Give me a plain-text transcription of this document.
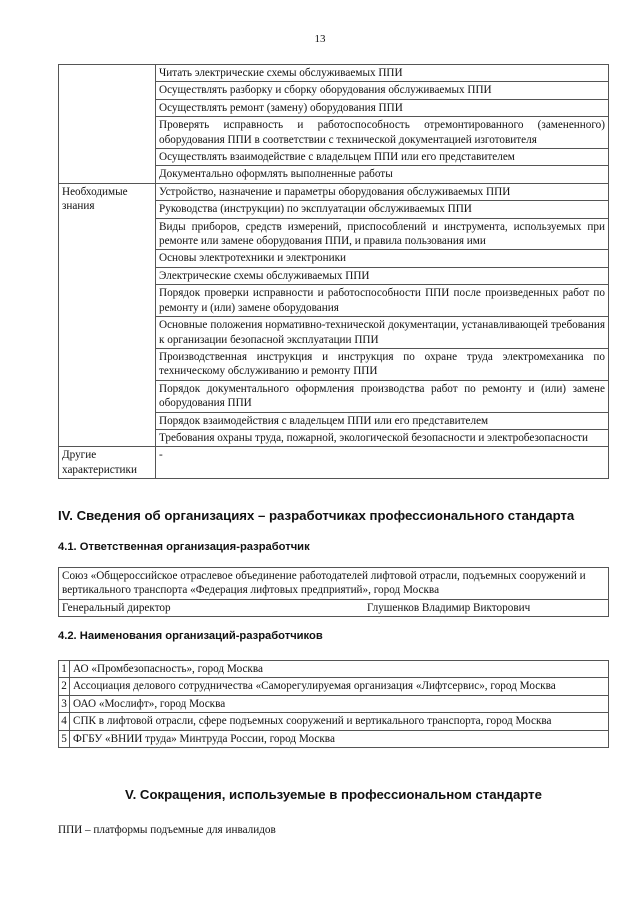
13
	Читать электрические схемы обслуживаемых ППИ
	Осуществлять разборку и сборку оборудования обслуживаемых ППИ
	Осуществлять ремонт (замену) оборудования ППИ
	Проверять исправность и работоспособность отремонтированного (замененного) оборудования ППИ в соответствии с технической документацией изготовителя
	Осуществлять взаимодействие с владельцем ППИ или его представителем
	Документально оформлять выполненные работы
Необходимые знания	Устройство, назначение и параметры оборудования обслуживаемых ППИ
	Руководства (инструкции) по эксплуатации обслуживаемых ППИ
	Виды приборов, средств измерений, приспособлений и инструмента, используемых при ремонте или замене оборудования ППИ, и правила пользования ими
	Основы электротехники и электроники
	Электрические схемы обслуживаемых ППИ
	Порядок проверки исправности и работоспособности ППИ после произведенных работ по ремонту и (или) замене оборудования
	Основные положения нормативно-технической документации, устанавливающей требования к организации безопасной эксплуатации ППИ
	Производственная инструкция и инструкция по охране труда электромеханика по техническому обслуживанию и ремонту ППИ
	Порядок документального оформления производства работ по ремонту и (или) замене оборудования ППИ
	Порядок взаимодействия с владельцем ППИ или его представителем
	Требования охраны труда, пожарной, экологической безопасности и электробезопасности
Другие характеристики	-
IV. Сведения об организациях – разработчиках профессионального стандарта
4.1. Ответственная организация-разработчик
Союз «Общероссийское отраслевое объединение работодателей лифтовой отрасли, подъемных сооружений и вертикального транспорта «Федерация лифтовых предприятий», город Москва

Генеральный директор	Глушенков Владимир Викторович
4.2. Наименования организаций-разработчиков
1	АО «Промбезопасность», город Москва
2	Ассоциация делового сотрудничества «Саморегулируемая организация «Лифтсервис», город Москва
3	ОАО «Мослифт», город Москва
4	СПК в лифтовой отрасли, сфере подъемных сооружений и вертикального транспорта, город Москва
5	ФГБУ «ВНИИ труда» Минтруда России, город Москва
V. Сокращения, используемые в профессиональном стандарте
ППИ – платформы подъемные для инвалидов
